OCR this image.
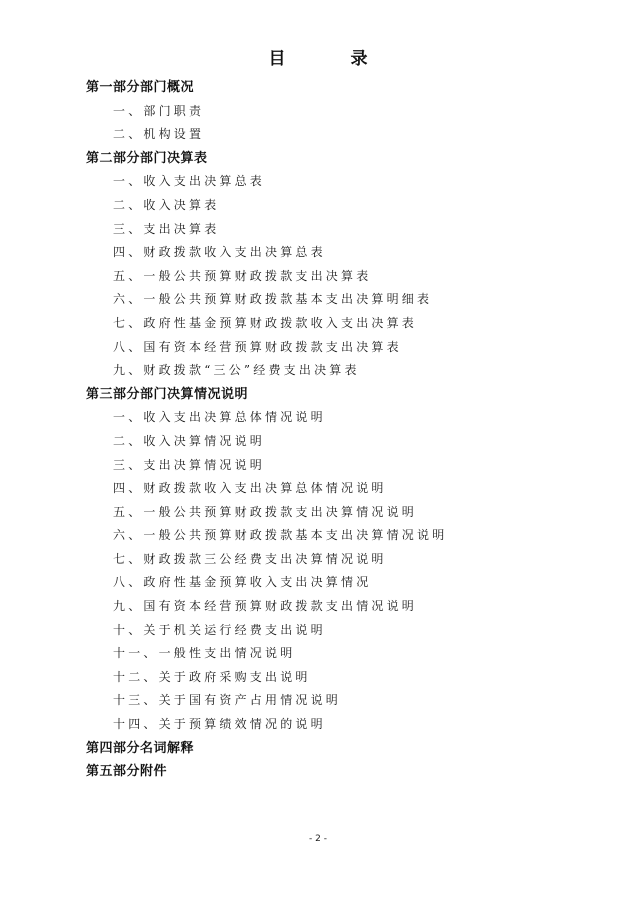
目　录
第一部分部门概况
一、部门职责
二、机构设置
第二部分部门决算表
一、收入支出决算总表
二、收入决算表
三、支出决算表
四、财政拨款收入支出决算总表
五、一般公共预算财政拨款支出决算表
六、一般公共预算财政拨款基本支出决算明细表
七、政府性基金预算财政拨款收入支出决算表
八、国有资本经营预算财政拨款支出决算表
九、财政拨款“三公”经费支出决算表
第三部分部门决算情况说明
一、收入支出决算总体情况说明
二、收入决算情况说明
三、支出决算情况说明
四、财政拨款收入支出决算总体情况说明
五、一般公共预算财政拨款支出决算情况说明
六、一般公共预算财政拨款基本支出决算情况说明
七、财政拨款三公经费支出决算情况说明
八、政府性基金预算收入支出决算情况
九、国有资本经营预算财政拨款支出情况说明
十、关于机关运行经费支出说明
十一、一般性支出情况说明
十二、关于政府采购支出说明
十三、关于国有资产占用情况说明
十四、关于预算绩效情况的说明
第四部分名词解释
第五部分附件
- 2 -
